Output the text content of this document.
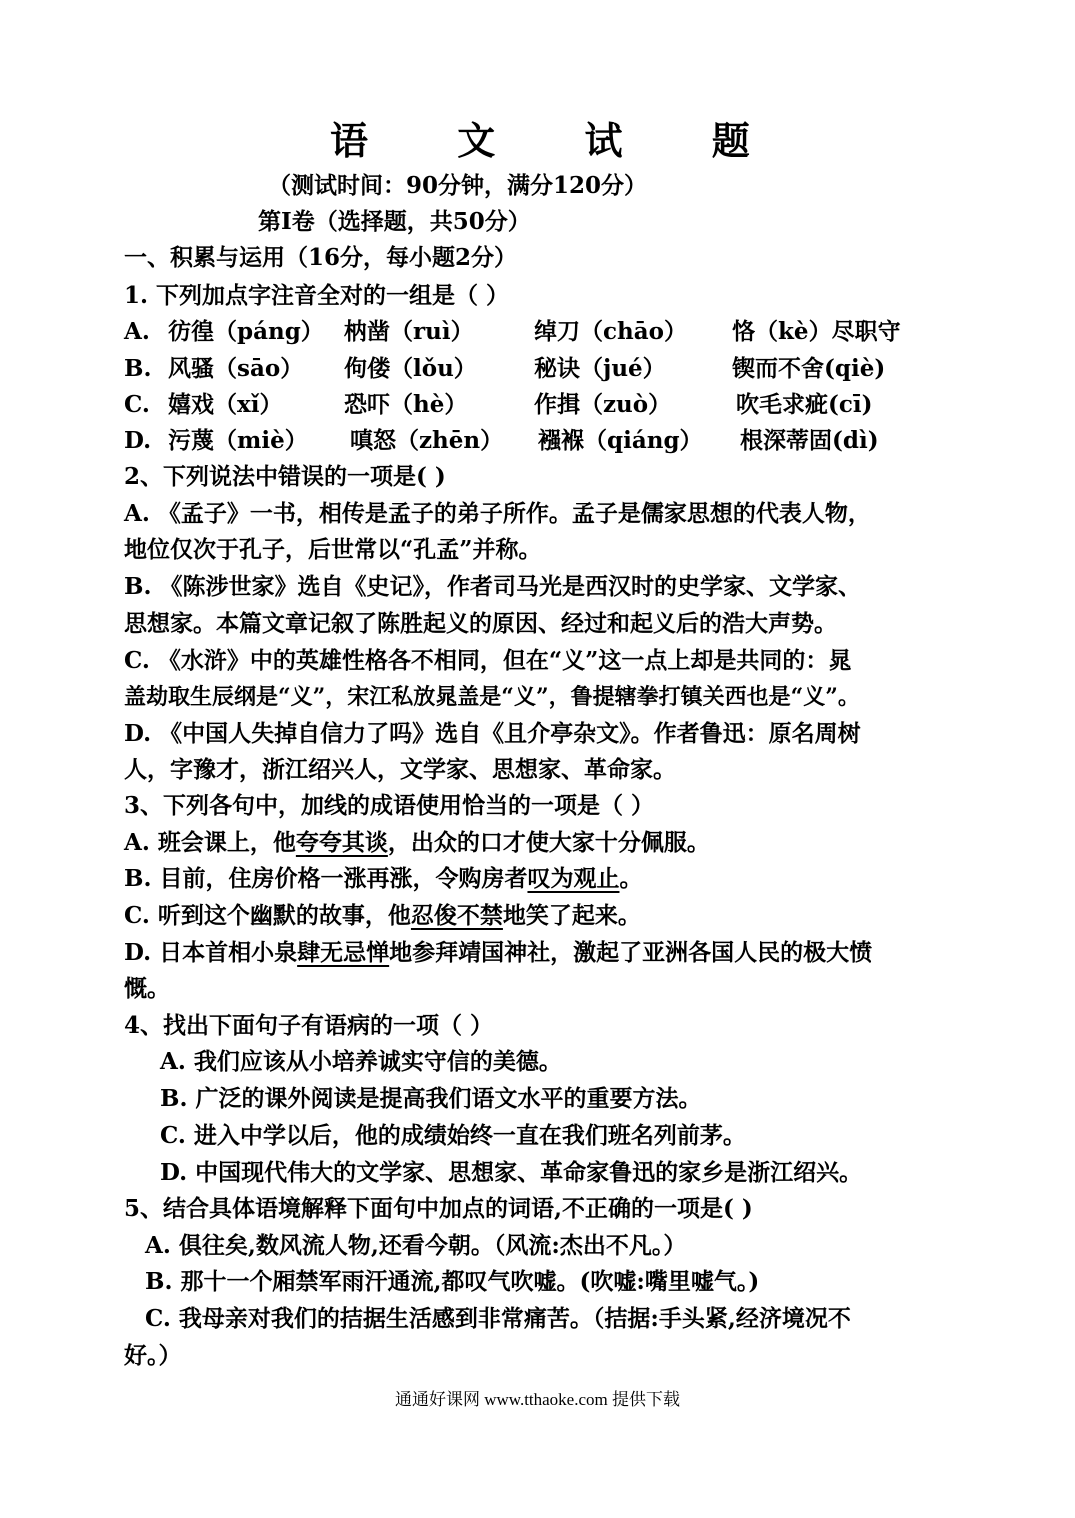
语 文 试 题
（测试时间：90分钟，满分120分）
第Ⅰ卷（选择题，共50分）
一、积累与运用（16分，每小题2分）
1. 下列加点字注音全对的一组是（ ）
A. 彷徨（páng） 枘凿（ruì）	绰刀（chāo） 恪（kè）尽职守
B. 风骚（sāo） 佝偻（lǒu） 秘诀（jué）	锲而不舍(qiè)
C. 嬉戏（xǐ）	恐吓（hè）	作揖（zuò）	吹毛求疵(cī)
D. 污蔑（miè） 嗔怒（zhēn） 襁褓（qiáng） 根深蒂固(dì)
2、下列说法中错误的一项是( )
A. 《孟子》一书，相传是孟子的弟子所作。孟子是儒家思想的代表人物，
地位仅次于孔子，后世常以“孔孟”并称。
B. 《陈涉世家》选自《史记》，作者司马光是西汉时的史学家、文学家、
思想家。本篇文章记叙了陈胜起义的原因、经过和起义后的浩大声势。
C. 《水浒》中的英雄性格各不相同，但在“义”这一点上却是共同的：晁
盖劫取生辰纲是“义”，宋江私放晁盖是“义”，鲁提辖拳打镇关西也是“义”。
D. 《中国人失掉自信力了吗》选自《且介亭杂文》。作者鲁迅：原名周树
人，字豫才，浙江绍兴人，文学家、思想家、革命家。
3、下列各句中，加线的成语使用恰当的一项是（ ）
A. 班会课上，他夸夸其谈，出众的口才使大家十分佩服。
B. 目前，住房价格一涨再涨，令购房者叹为观止。
C. 听到这个幽默的故事，他忍俊不禁地笑了起来。
D. 日本首相小泉肆无忌惮地参拜靖国神社，激起了亚洲各国人民的极大愤
慨。
4、找出下面句子有语病的一项（ ）
A. 我们应该从小培养诚实守信的美德。
B. 广泛的课外阅读是提高我们语文水平的重要方法。
C. 进入中学以后，他的成绩始终一直在我们班名列前茅。
D. 中国现代伟大的文学家、思想家、革命家鲁迅的家乡是浙江绍兴。
5、结合具体语境解释下面句中加点的词语,不正确的一项是( )
A. 俱往矣,数风流人物,还看今朝。（风流:杰出不凡。）
B. 那十一个厢禁军雨汗通流,都叹气吹嘘。(吹嘘:嘴里嘘气。)
C. 我母亲对我们的拮据生活感到非常痛苦。（拮据:手头紧,经济境况不
好。）
通通好课网 www.tthaoke.com 提供下载
